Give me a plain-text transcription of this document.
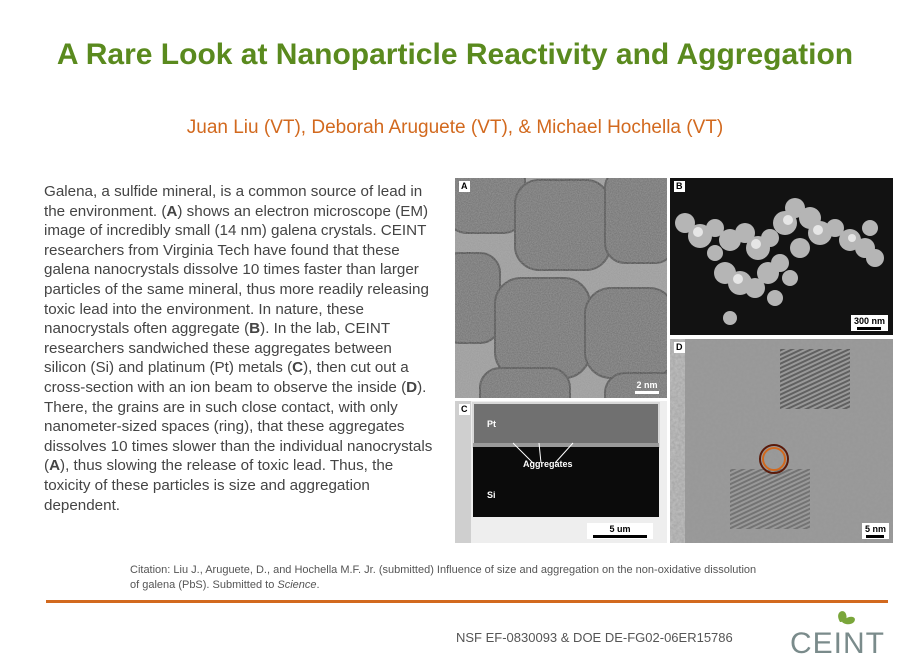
A Rare Look at Nanoparticle Reactivity and Aggregation
Juan Liu (VT), Deborah Aruguete (VT), & Michael Hochella (VT)
Galena, a sulfide mineral, is a common source of lead in the environment. (A) shows an electron microscope (EM) image of incredibly small (14 nm) galena crystals. CEINT researchers from Virginia Tech have found that these galena nanocrystals dissolve 10 times faster than larger particles of the same mineral, thus more readily releasing toxic lead into the environment. In nature, these nanocrystals often aggregate (B). In the lab, CEINT researchers sandwiched these aggregates between silicon (Si) and platinum (Pt) metals (C), then cut out a cross-section with an ion beam to observe the inside (D). There, the grains are in such close contact, with only nanometer-sized spaces (ring), that these aggregates dissolves 10 times slower than the individual nanocrystals (A), thus slowing the release of toxic lead. Thus, the toxicity of these particles is size and aggregation dependent.
A
2 nm
B
300 nm
C
Pt
Aggregates
Si
5 um
D
5 nm
Citation: Liu J., Aruguete, D., and Hochella M.F. Jr. (submitted) Influence of size and aggregation on the non-oxidative dissolution
of galena (PbS). Submitted to Science.
NSF EF-0830093 & DOE DE-FG02-06ER15786 CEINT
